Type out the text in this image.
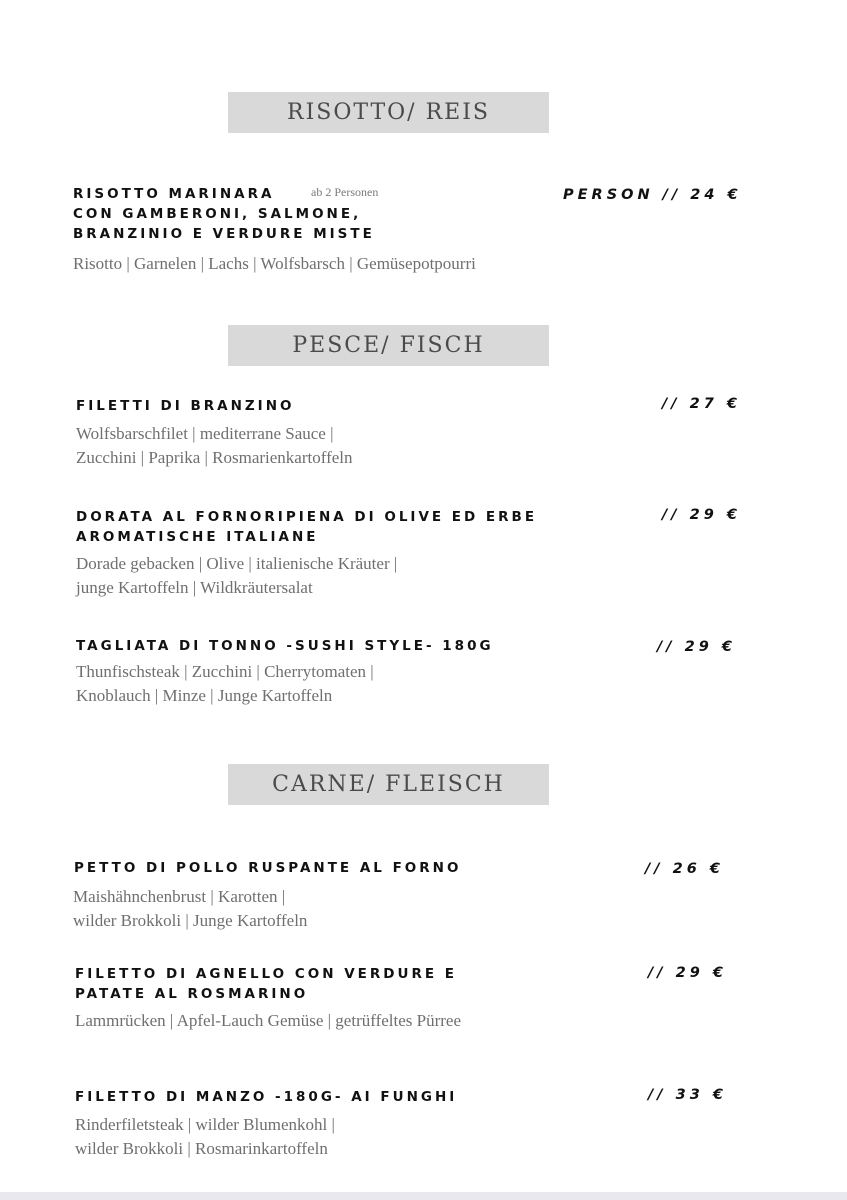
RISOTTO/ REIS
RISOTTO MARINARA
CON GAMBERONI, SALMONE,
BRANZINIO E VERDURE MISTE
ab 2 Personen	PERSON // 24 €
Risotto | Garnelen | Lachs | Wolfsbarsch | Gemüsepotpourri
PESCE/ FISCH
FILETTI DI BRANZINO	// 27 €
Wolfsbarschfilet | mediterrane Sauce |
Zucchini | Paprika | Rosmarienkartoffeln
DORATA AL FORNORIPIENA DI OLIVE ED ERBE
AROMATISCHE ITALIANE
// 29 €
Dorade gebacken | Olive | italienische Kräuter |
junge Kartoffeln | Wildkräutersalat
TAGLIATA DI TONNO -SUSHI STYLE- 180G	// 29 €
Thunfischsteak | Zucchini | Cherrytomaten |
Knoblauch | Minze | Junge Kartoffeln
CARNE/ FLEISCH
PETTO DI POLLO RUSPANTE AL FORNO	// 26 €
Maishähnchenbrust | Karotten |
wilder Brokkoli | Junge Kartoffeln
FILETTO DI AGNELLO CON VERDURE E
PATATE AL ROSMARINO
// 29 €
Lammrücken | Apfel-Lauch Gemüse | getrüffeltes Pürree
FILETTO DI MANZO -180G- AI FUNGHI	// 33 €
Rinderfiletsteak | wilder Blumenkohl |
wilder Brokkoli | Rosmarinkartoffeln
